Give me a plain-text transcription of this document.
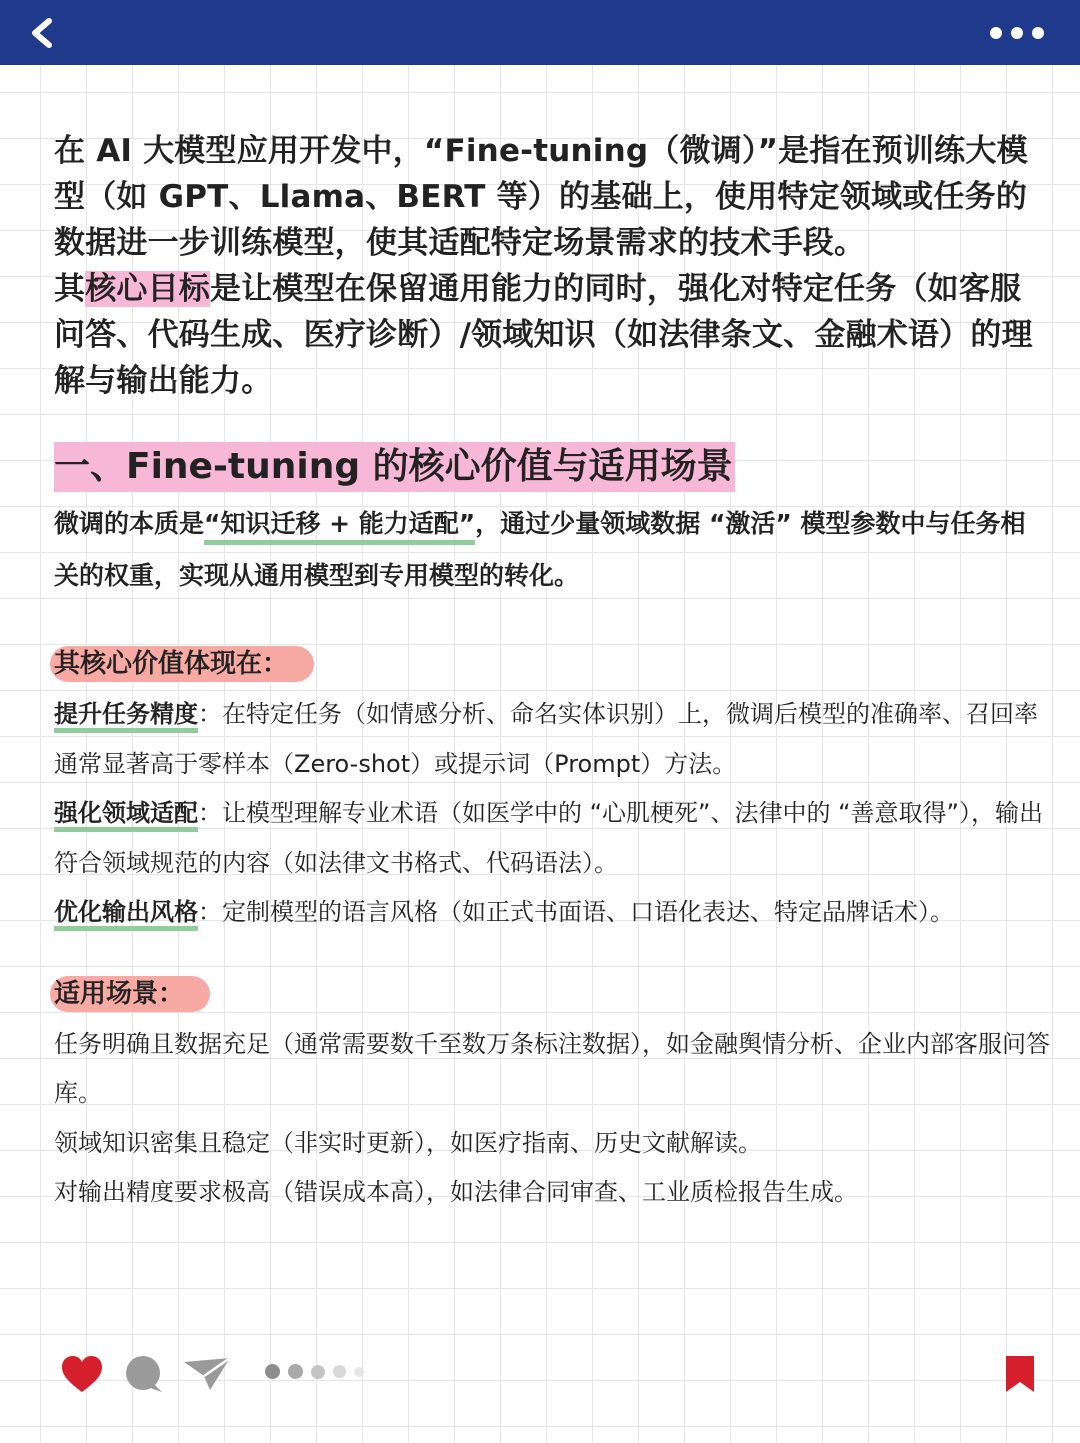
在 AI 大模型应用开发中，“Fine-tuning（微调）”是指在预训练大模型（如 GPT、Llama、BERT 等）的基础上，使用特定领域或任务的数据进一步训练模型，使其适配特定场景需求的技术手段。

其核心目标是让模型在保留通用能力的同时，强化对特定任务（如客服问答、代码生成、医疗诊断）/领域知识（如法律条文、金融术语）的理解与输出能力。

一、Fine-tuning 的核心价值与适用场景
微调的本质是“知识迁移 + 能力适配”，通过少量领域数据 “激活” 模型参数中与任务相关的权重，实现从通用模型到专用模型的转化。
其核心价值体现在：

提升任务精度：在特定任务（如情感分析、命名实体识别）上，微调后模型的准确率、召回率通常显著高于零样本（Zero-shot）或提示词（Prompt）方法。

强化领域适配：让模型理解专业术语（如医学中的 “心肌梗死”、法律中的 “善意取得”），输出符合领域规范的内容（如法律文书格式、代码语法）。

优化输出风格：定制模型的语言风格（如正式书面语、口语化表达、特定品牌话术）。

适用场景：

任务明确且数据充足（通常需要数千至数万条标注数据），如金融舆情分析、企业内部客服问答库。

领域知识密集且稳定（非实时更新），如医疗指南、历史文献解读。

对输出精度要求极高（错误成本高），如法律合同审查、工业质检报告生成。
